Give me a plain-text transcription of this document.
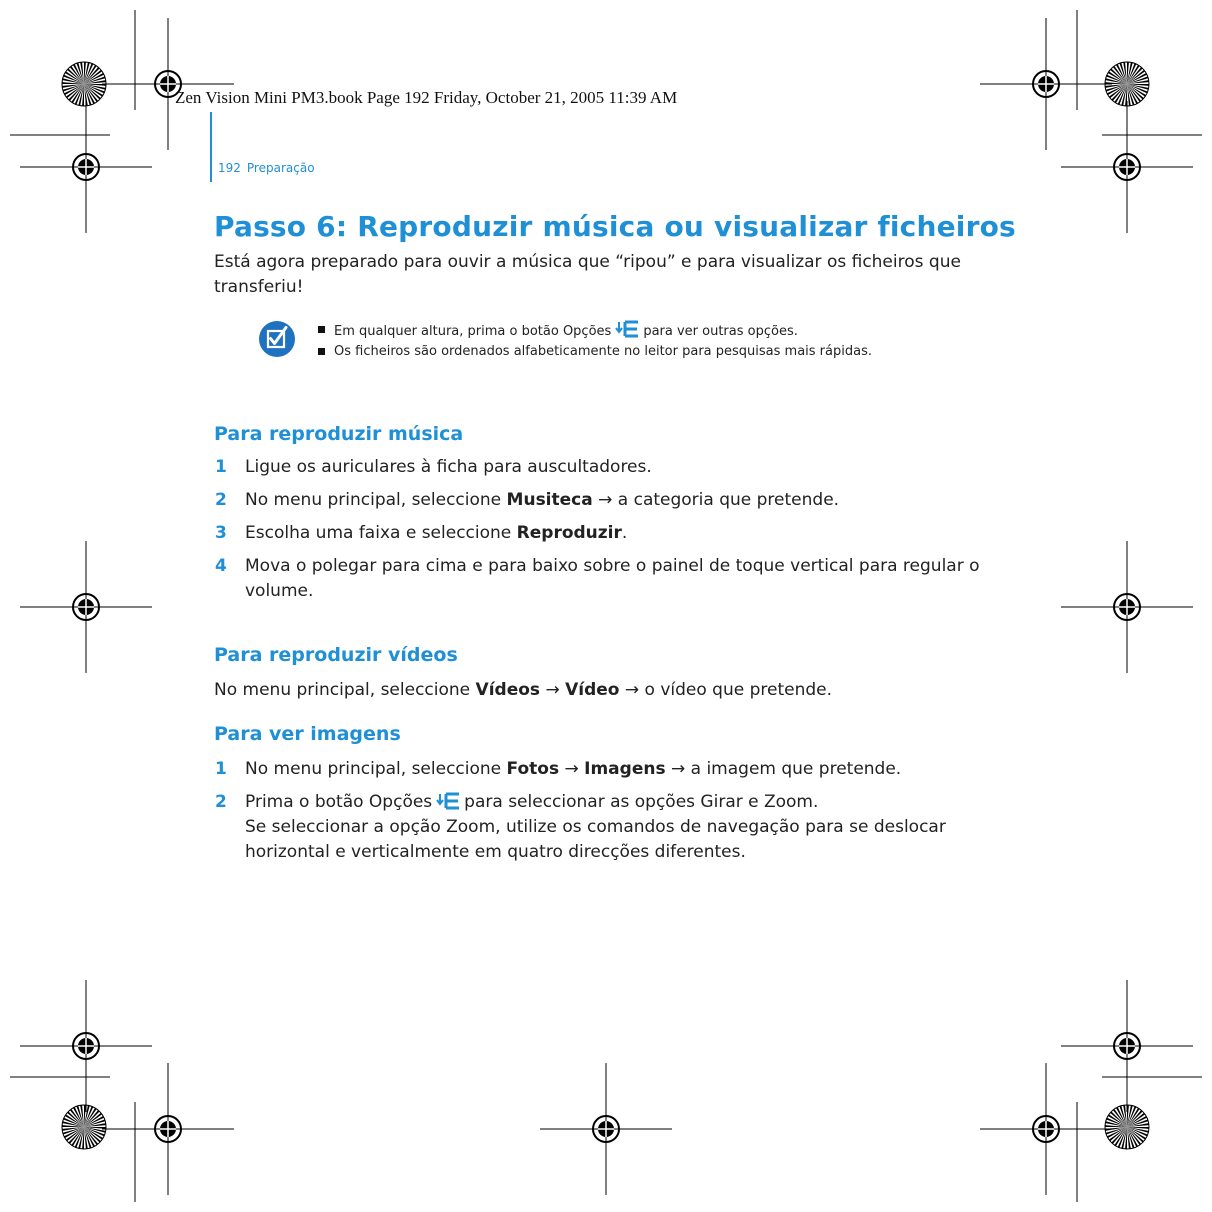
Zen Vision Mini PM3.book Page 192 Friday, October 21, 2005 11:39 AM
192 Preparação
Passo 6: Reproduzir música ou visualizar ficheiros

Está agora preparado para ouvir a música que “ripou” e para visualizar os ficheiros que transferiu!

Em qualquer altura, prima o botão Opções para ver outras opções.
Os ficheiros são ordenados alfabeticamente no leitor para pesquisas mais rápidas.
Para reproduzir música
1 Ligue os auriculares à ficha para auscultadores.
2 No menu principal, seleccione Musiteca → a categoria que pretende.
3 Escolha uma faixa e seleccione Reproduzir.
4 Mova o polegar para cima e para baixo sobre o painel de toque vertical para regular o volume.
Para reproduzir vídeos

No menu principal, seleccione Vídeos → Vídeo → o vídeo que pretende.

Para ver imagens
1 No menu principal, seleccione Fotos → Imagens → a imagem que pretende.
2 Prima o botão Opções para seleccionar as opções Girar e Zoom.
Se seleccionar a opção Zoom, utilize os comandos de navegação para se deslocar horizontal e verticalmente em quatro direcções diferentes.
